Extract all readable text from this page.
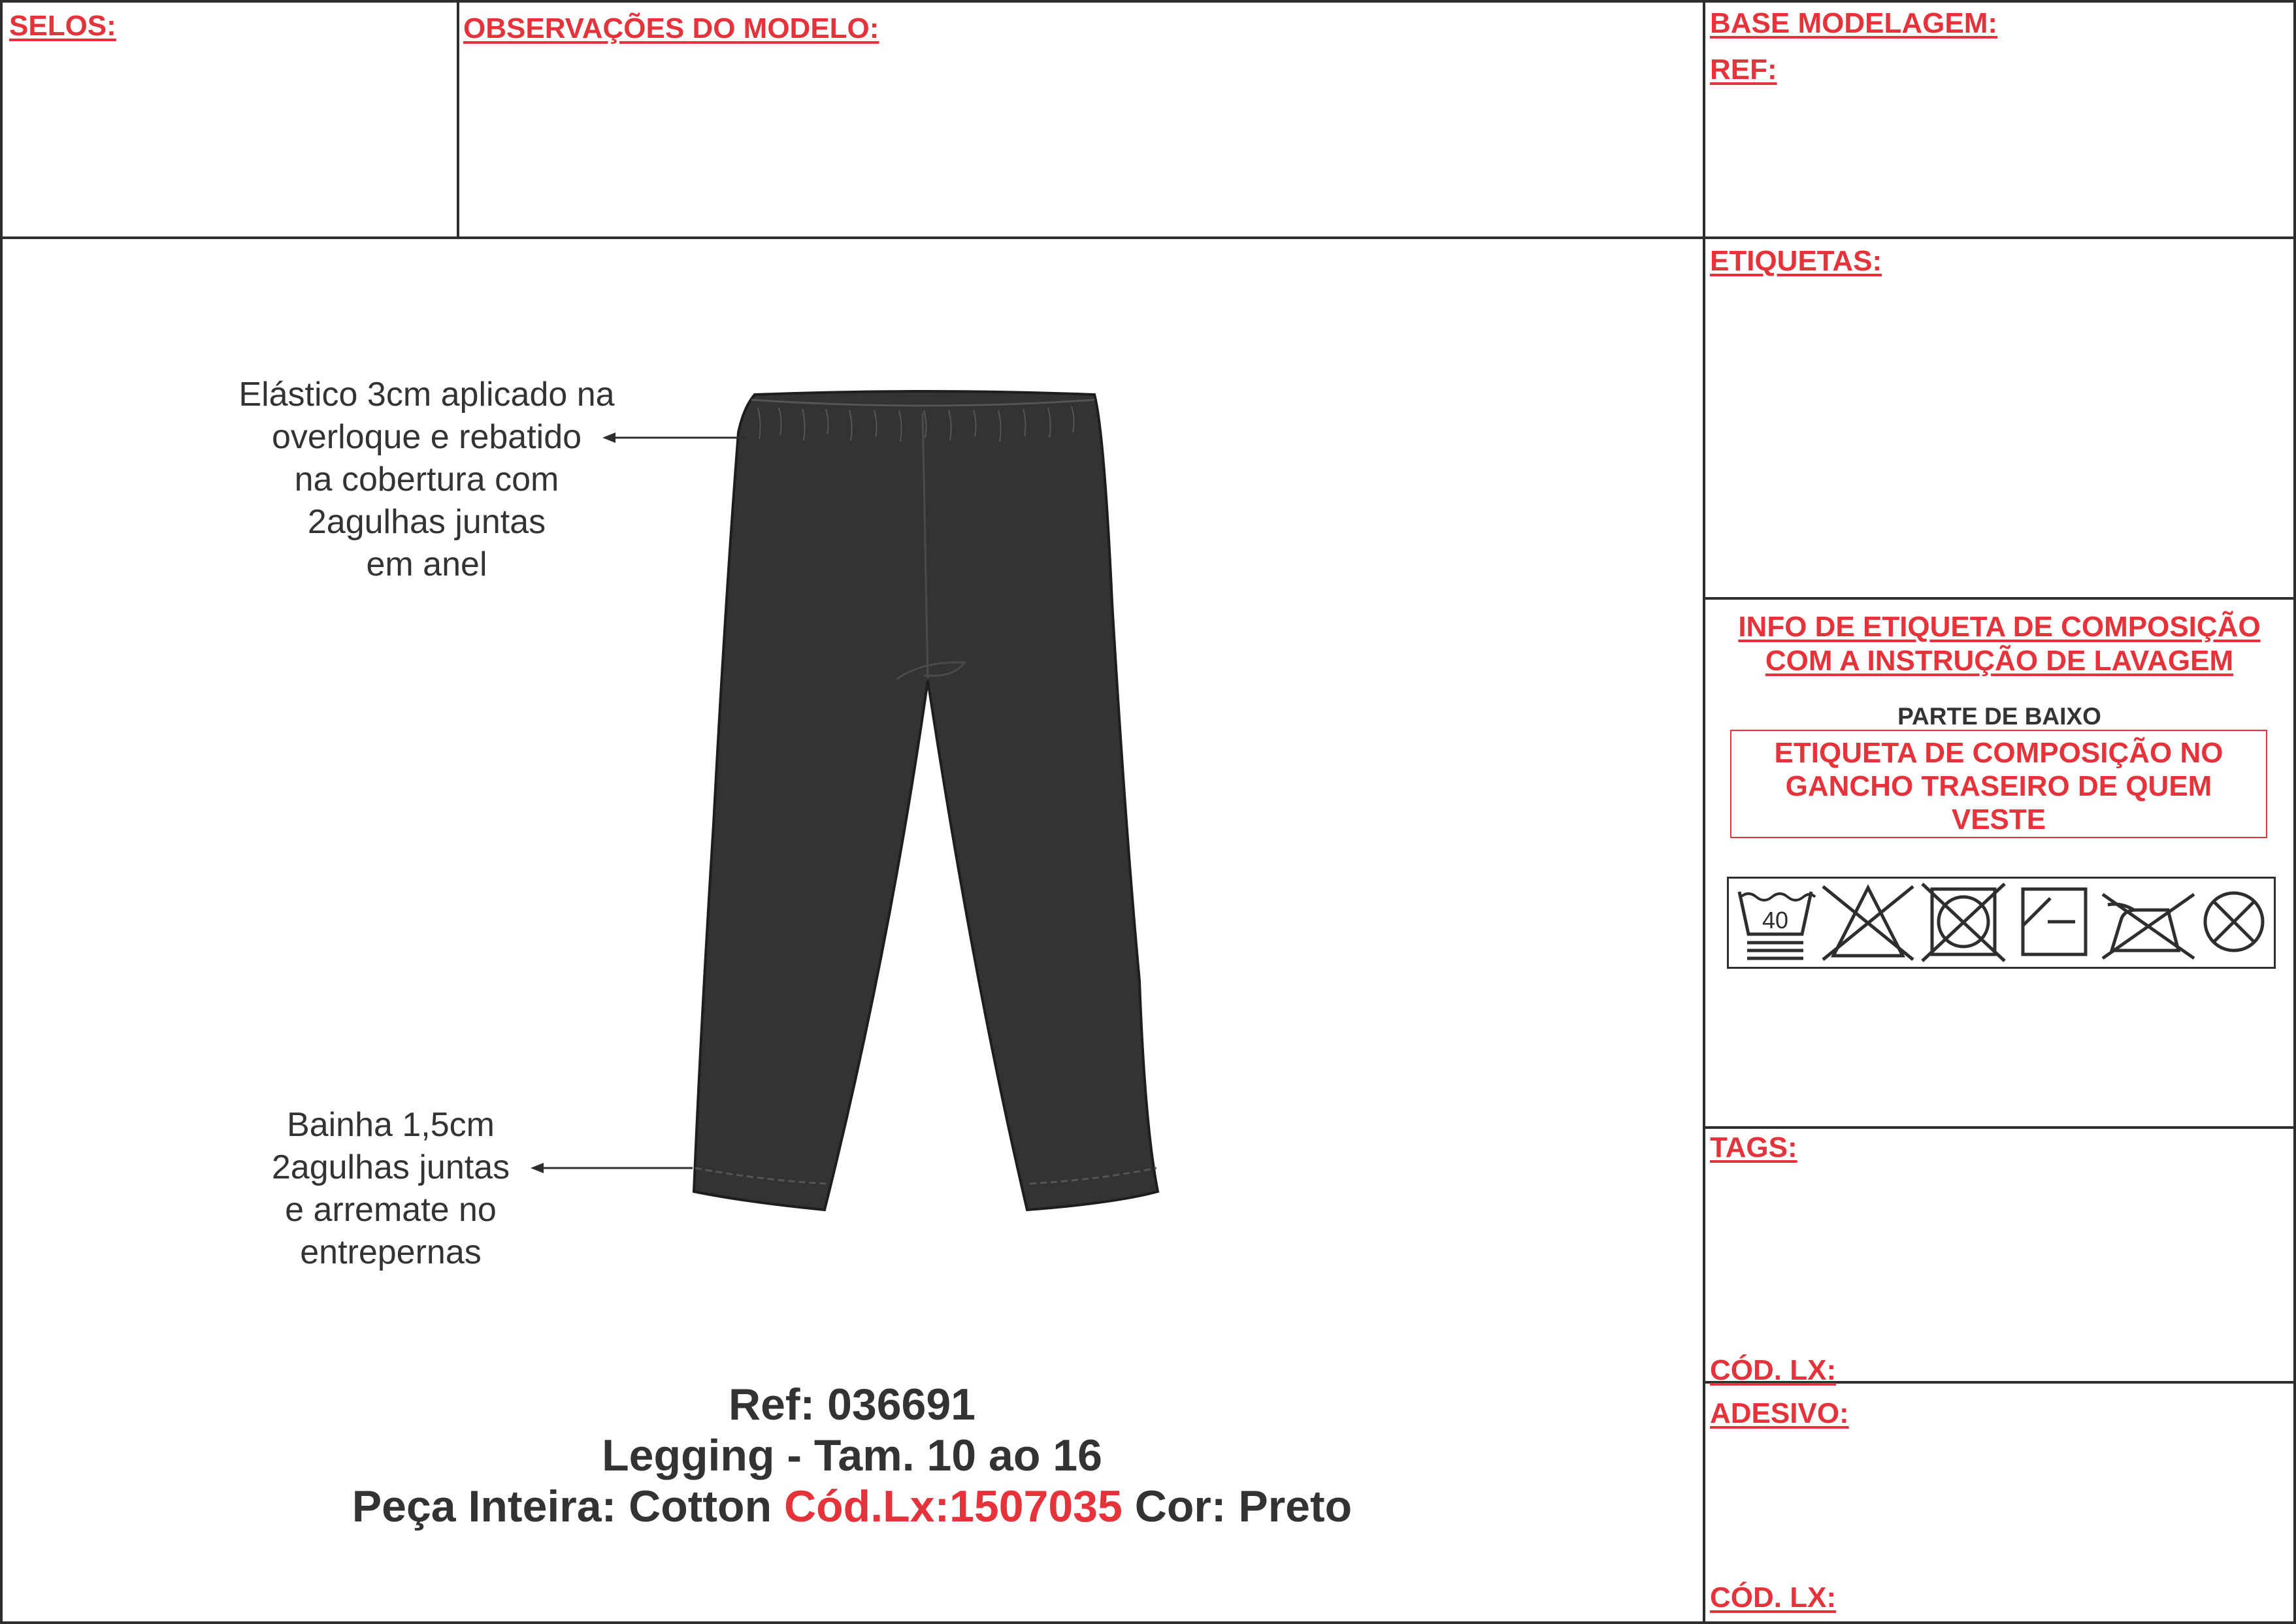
SELOS:	OBSERVAÇÕES DO MODELO:	BASE MODELAGEM:
REF:
ETIQUETAS:
TAGS:
CÓD. LX:
ADESIVO:
CÓD. LX:
INFO DE ETIQUETA DE COMPOSIÇÃO
COM A INSTRUÇÃO DE LAVAGEM
PARTE DE BAIXO
ETIQUETA DE COMPOSIÇÃO NO
GANCHO TRASEIRO DE QUEM
VESTE
40
Elástico 3cm aplicado na
overloque e rebatido
na cobertura com
2agulhas juntas
em anel
Bainha 1,5cm
2agulhas juntas
e arremate no
entrepernas
Ref: 036691
Legging - Tam. 10 ao 16
Peça Inteira: Cotton Cód.Lx:1507035 Cor: Preto
